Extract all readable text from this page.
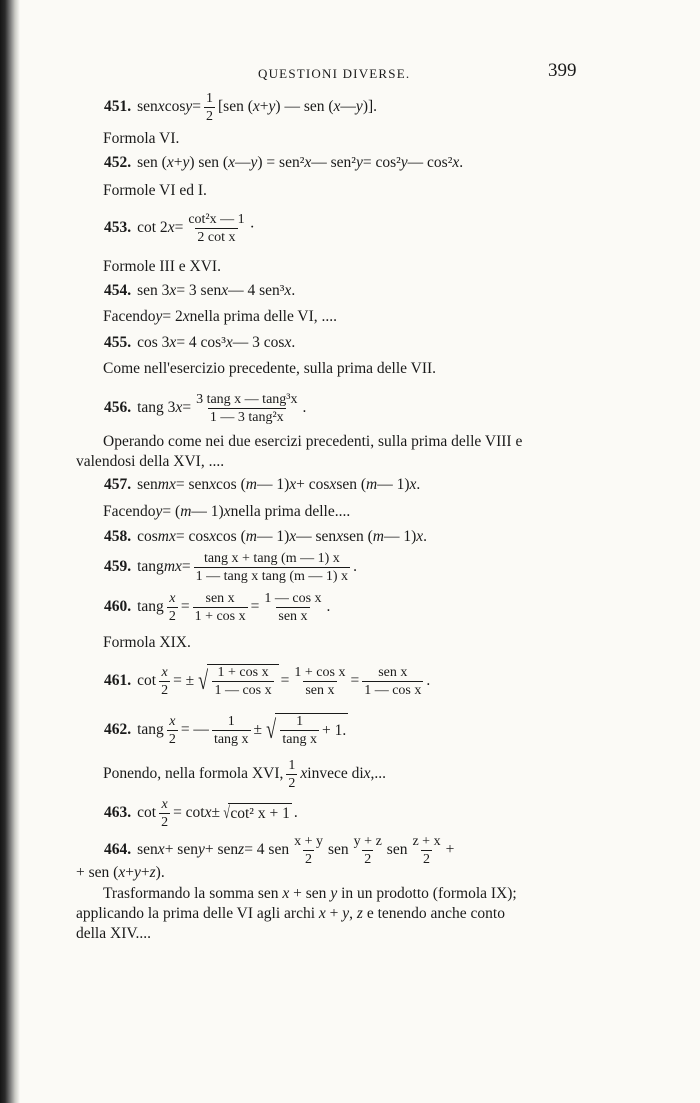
QUESTIONI DIVERSE.	399
451. sen x $\cos y = \frac{1}{2} [sen$ ( x + y ) — sen ( x — y )].
Formola VI.
452. sen ( x + y ) sen ( x — y ) = sen² x — sen² y = cos² y — cos² x .
Formole VI ed I.
453. cot 2 $x = \frac{\text{cot²x — 1}}{\text{2 cot x}}$ ·
Formole III e XVI.
454. sen 3 x = 3 sen x — 4 sen³ x .
Facendo y = 2 x nella prima delle VI, ....
455. cos 3 x = 4 cos³ x — 3 cos x .
Come nell'esercizio precedente, sulla prima delle VII.
456. tang 3 $x = \frac{\text{3 tang x — tang³x}}{\text{1 — 3 tang²x}}$ .

Operando come nei due esercizi precedenti, sulla prima delle VIII e

valendosi della XVI, ....

457. sen mx = sen x cos ( m — 1) x + cos x sen ( m — 1) x .
Facendo y = ( m — 1) x nella prima delle....
458. cos mx = cos x cos ( m — 1) x — sen x sen ( m — 1) x .
459. tang mx = $\frac{\text{tang x + tang (m — 1) x}}{\text{1 — tang x tang (m — 1) x}}$ .
460. tang $\frac{x}{2} = \frac{\text{sen x}}{\text{1 + cos x}} = \frac{\text{1 — cos x}}{\text{sen x}}$ .
Formola XIX.
461. $\cot \frac{x}{2}$ = ± √ $\frac{\text{1 + cos x}}{\text{1 — cos x}} = \frac{\text{1 + cos x}}{\text{sen x}} = \frac{\text{sen x}}{\text{1 — cos x}}$ .
462. tang $\frac{x}{2}$ = — $\frac{1}{\text{tang x}}$ ± √ $\frac{1}{\text{tang x}} + 1$.
Ponendo, nella formola XVI, $\frac{1}{2}$ x invece di x ,...
463. $\cot \frac{x}{2} = \cot x$ ± √ cot² x + 1 .
464. sen x + sen y + sen z = 4 sen $\frac{x + y}{2}$ sen $\frac{y + z}{2}$ sen $\frac{z + x}{2}$ +
+ sen ( x + y + z ).

Trasformando la somma sen x + sen y in un prodotto (formola IX);

applicando la prima delle VI agli archi x + y, z e tenendo anche conto

della XIV....
